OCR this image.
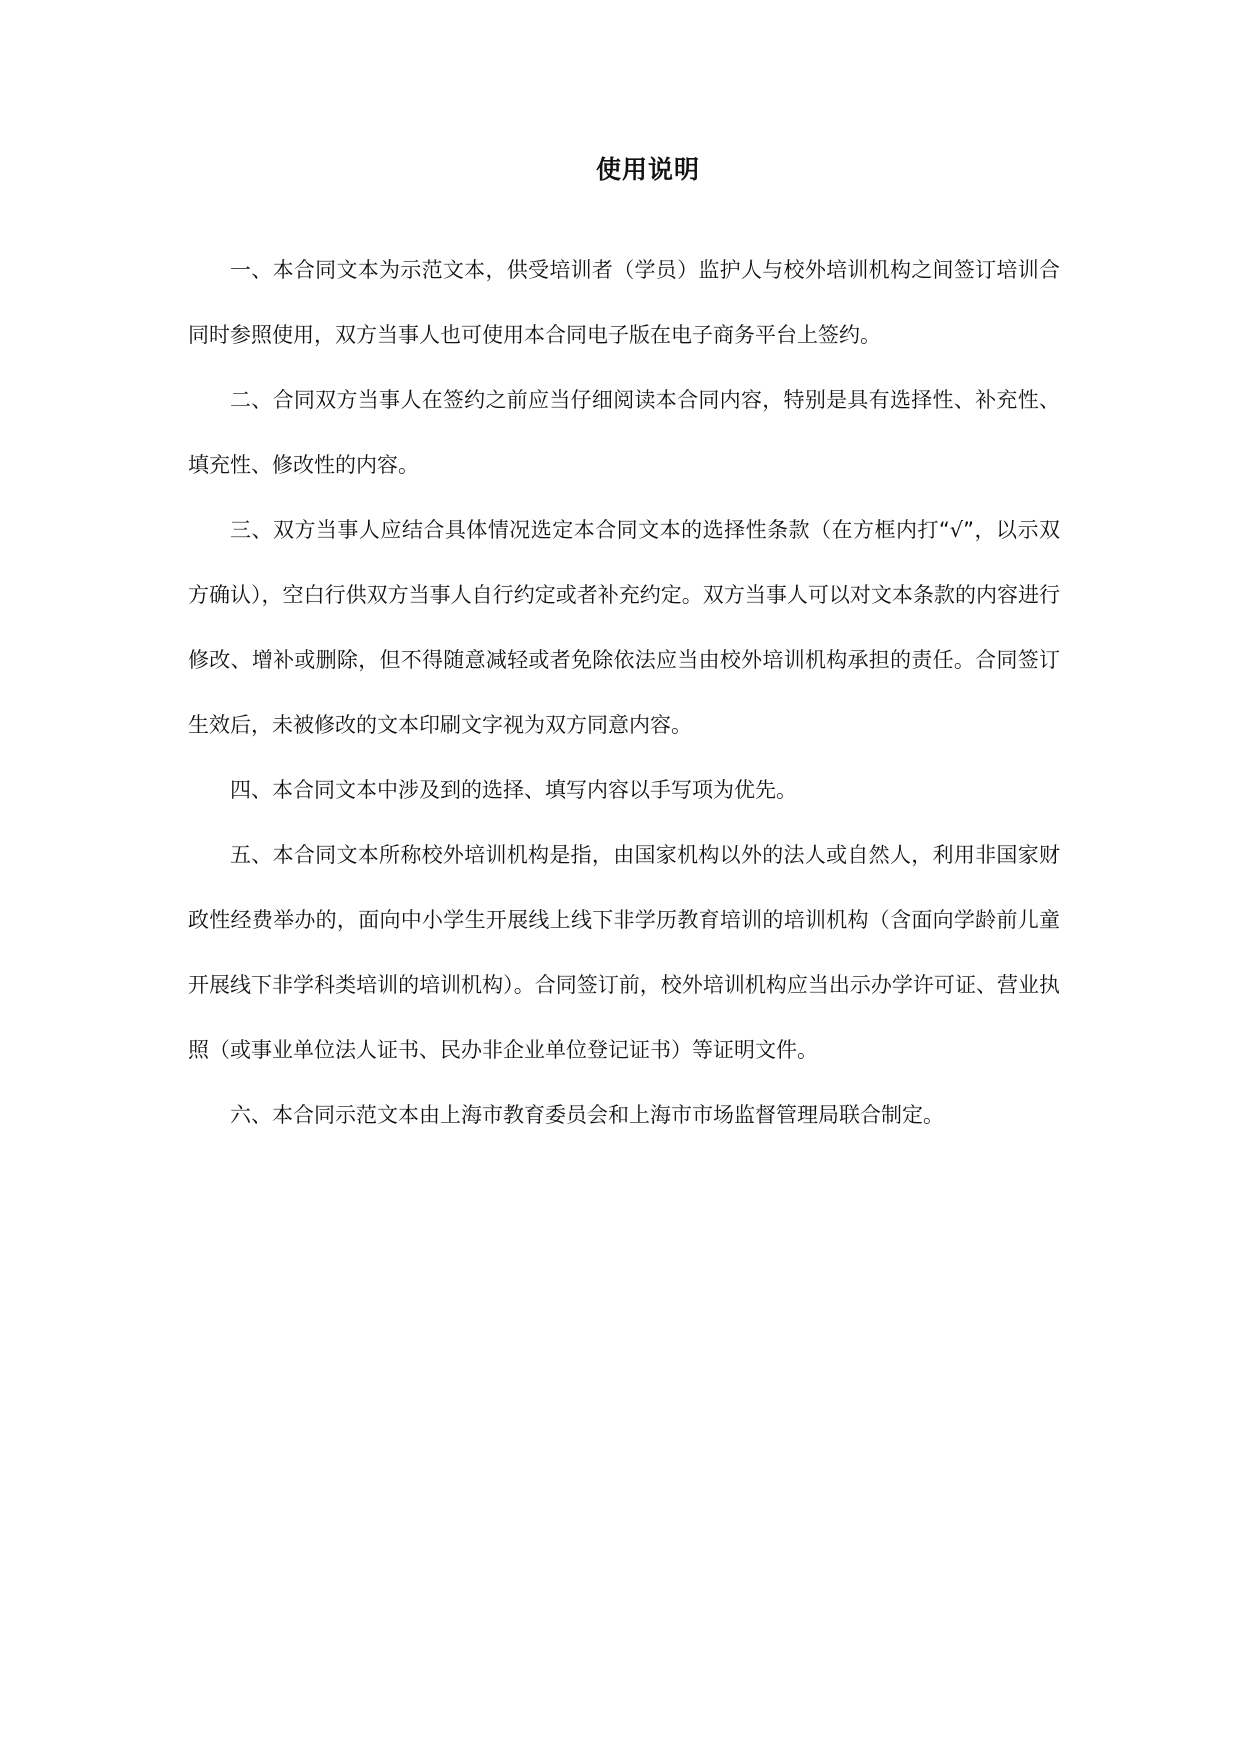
使用说明

一、本合同文本为示范文本，供受培训者（学员）监护人与校外培训机构之间签订培训合同时参照使用，双方当事人也可使用本合同电子版在电子商务平台上签约。

二、合同双方当事人在签约之前应当仔细阅读本合同内容，特别是具有选择性、补充性、填充性、修改性的内容。

三、双方当事人应结合具体情况选定本合同文本的选择性条款（在方框内打“√”，以示双方确认），空白行供双方当事人自行约定或者补充约定。双方当事人可以对文本条款的内容进行修改、增补或删除，但不得随意减轻或者免除依法应当由校外培训机构承担的责任。合同签订生效后，未被修改的文本印刷文字视为双方同意内容。

四、本合同文本中涉及到的选择、填写内容以手写项为优先。

五、本合同文本所称校外培训机构是指，由国家机构以外的法人或自然人，利用非国家财政性经费举办的，面向中小学生开展线上线下非学历教育培训的培训机构（含面向学龄前儿童开展线下非学科类培训的培训机构）。合同签订前，校外培训机构应当出示办学许可证、营业执照（或事业单位法人证书、民办非企业单位登记证书）等证明文件。

六、本合同示范文本由上海市教育委员会和上海市市场监督管理局联合制定。
